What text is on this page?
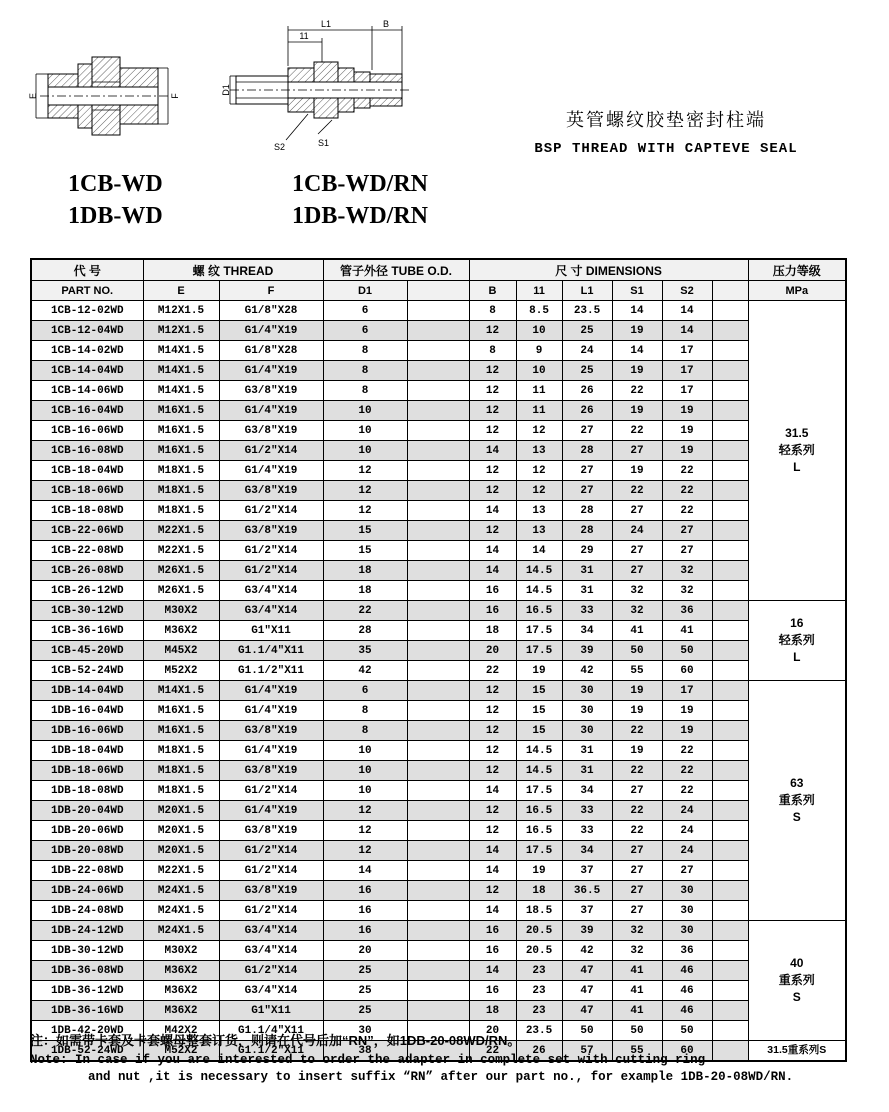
E	F
L1
11
B
D1
S2	S1
英管螺纹胶垫密封柱端
BSP THREAD WITH CAPTEVE SEAL
1CB-WD
1DB-WD
1CB-WD/RN
1DB-WD/RN
代 号	螺 纹 THREAD		管子外径 TUBE O.D.		尺 寸 DIMENSIONS						压力等级
PART NO.	E	F	D1		B	11	L1	S1	S2		MPa
1CB-12-02WD	M12X1.5	G1/8″X28	6		8	8.5	23.5	14	14		31.5
轻系列
L
1CB-12-04WD	M12X1.5	G1/4″X19	6		12	10	25	19	14		
1CB-14-02WD	M14X1.5	G1/8″X28	8		8	9	24	14	17		
1CB-14-04WD	M14X1.5	G1/4″X19	8		12	10	25	19	17		
1CB-14-06WD	M14X1.5	G3/8″X19	8		12	11	26	22	17		
1CB-16-04WD	M16X1.5	G1/4″X19	10		12	11	26	19	19		
1CB-16-06WD	M16X1.5	G3/8″X19	10		12	12	27	22	19		
1CB-16-08WD	M16X1.5	G1/2″X14	10		14	13	28	27	19		
1CB-18-04WD	M18X1.5	G1/4″X19	12		12	12	27	19	22		
1CB-18-06WD	M18X1.5	G3/8″X19	12		12	12	27	22	22		
1CB-18-08WD	M18X1.5	G1/2″X14	12		14	13	28	27	22		
1CB-22-06WD	M22X1.5	G3/8″X19	15		12	13	28	24	27		
1CB-22-08WD	M22X1.5	G1/2″X14	15		14	14	29	27	27		
1CB-26-08WD	M26X1.5	G1/2″X14	18		14	14.5	31	27	32		
1CB-26-12WD	M26X1.5	G3/4″X14	18		16	14.5	31	32	32		
1CB-30-12WD	M30X2	G3/4″X14	22		16	16.5	33	32	36		16
轻系列
L
1CB-36-16WD	M36X2	G1″X11	28		18	17.5	34	41	41		
1CB-45-20WD	M45X2	G1.1/4″X11	35		20	17.5	39	50	50		
1CB-52-24WD	M52X2	G1.1/2″X11	42		22	19	42	55	60		
1DB-14-04WD	M14X1.5	G1/4″X19	6		12	15	30	19	17		63
重系列
S
1DB-16-04WD	M16X1.5	G1/4″X19	8		12	15	30	19	19		
1DB-16-06WD	M16X1.5	G3/8″X19	8		12	15	30	22	19		
1DB-18-04WD	M18X1.5	G1/4″X19	10		12	14.5	31	19	22		
1DB-18-06WD	M18X1.5	G3/8″X19	10		12	14.5	31	22	22		
1DB-18-08WD	M18X1.5	G1/2″X14	10		14	17.5	34	27	22		
1DB-20-04WD	M20X1.5	G1/4″X19	12		12	16.5	33	22	24		
1DB-20-06WD	M20X1.5	G3/8″X19	12		12	16.5	33	22	24		
1DB-20-08WD	M20X1.5	G1/2″X14	12		14	17.5	34	27	24		
1DB-22-08WD	M22X1.5	G1/2″X14	14		14	19	37	27	27		
1DB-24-06WD	M24X1.5	G3/8″X19	16		12	18	36.5	27	30		
1DB-24-08WD	M24X1.5	G1/2″X14	16		14	18.5	37	27	30		
1DB-24-12WD	M24X1.5	G3/4″X14	16		16	20.5	39	32	30		40
重系列
S
1DB-30-12WD	M30X2	G3/4″X14	20		16	20.5	42	32	36		
1DB-36-08WD	M36X2	G1/2″X14	25		14	23	47	41	46		
1DB-36-12WD	M36X2	G3/4″X14	25		16	23	47	41	46		
1DB-36-16WD	M36X2	G1″X11	25		18	23	47	41	46		
1DB-42-20WD	M42X2	G1.1/4″X11	30		20	23.5	50	50	50		
1DB-52-24WD	M52X2	G1.1/2″X11	38		22	26	57	55	60		31.5重系列S
注：如需带卡套及卡套螺母整套订货，则请在代号后加“RN”，如1DB-20-08WD/RN。
Note: In case if you are interested to order the adapter in complete set with cutting ring
and nut ,it is necessary to insert suffix “RN” after our part no., for example 1DB-20-08WD/RN.
